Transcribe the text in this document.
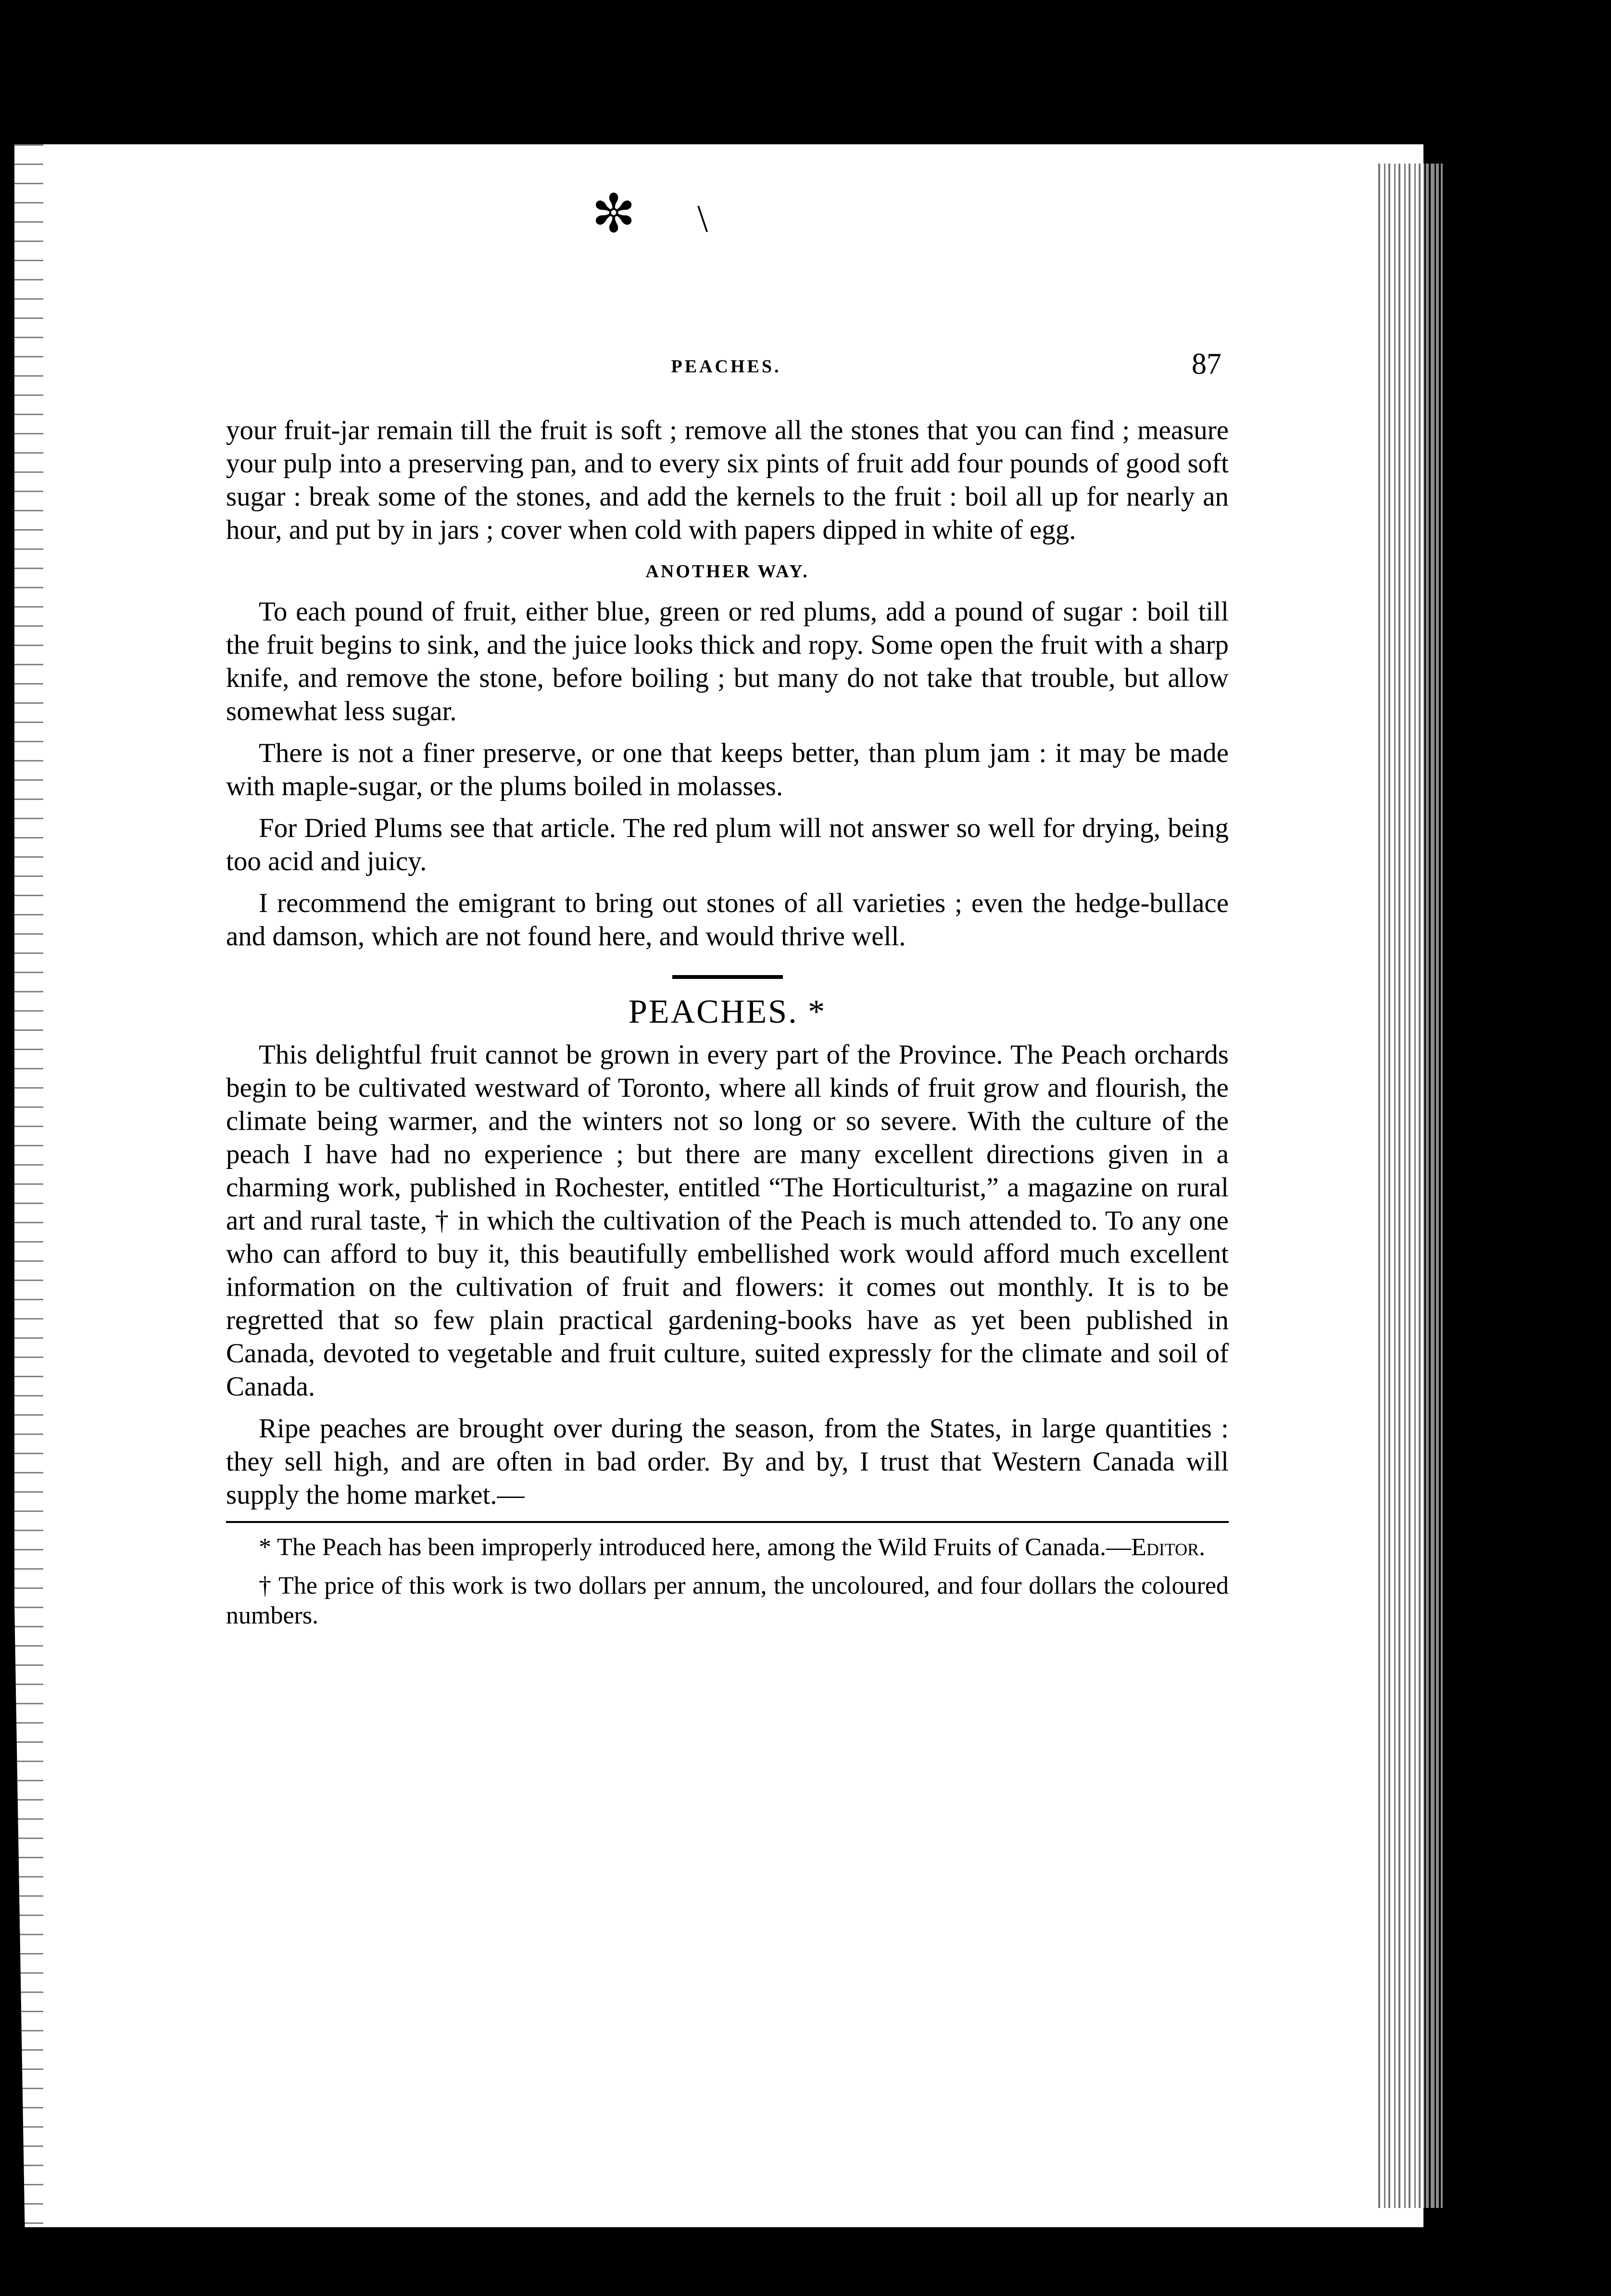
✼ \
PEACHES.	87

your fruit-jar remain till the fruit is soft ; remove all the stones that you can find ; measure your pulp into a preserving pan, and to every six pints of fruit add four pounds of good soft sugar : break some of the stones, and add the kernels to the fruit : boil all up for nearly an hour, and put by in jars ; cover when cold with papers dipped in white of egg.

ANOTHER WAY.

To each pound of fruit, either blue, green or red plums, add a pound of sugar : boil till the fruit begins to sink, and the juice looks thick and ropy. Some open the fruit with a sharp knife, and remove the stone, before boiling ; but many do not take that trouble, but allow somewhat less sugar.

There is not a finer preserve, or one that keeps better, than plum jam : it may be made with maple-sugar, or the plums boiled in molasses.

For Dried Plums see that article. The red plum will not answer so well for drying, being too acid and juicy.

I recommend the emigrant to bring out stones of all varieties ; even the hedge-bullace and damson, which are not found here, and would thrive well.

PEACHES. *

This delightful fruit cannot be grown in every part of the Province. The Peach orchards begin to be cultivated westward of Toronto, where all kinds of fruit grow and flourish, the climate being warmer, and the winters not so long or so severe. With the culture of the peach I have had no experience ; but there are many excellent directions given in a charming work, published in Rochester, entitled “The Horticulturist,” a magazine on rural art and rural taste, † in which the cultivation of the Peach is much attended to. To any one who can afford to buy it, this beautifully embellished work would afford much excellent information on the cultivation of fruit and flowers: it comes out monthly. It is to be regretted that so few plain practical gardening-books have as yet been published in Canada, devoted to vegetable and fruit culture, suited expressly for the climate and soil of Canada.

Ripe peaches are brought over during the season, from the States, in large quantities : they sell high, and are often in bad order. By and by, I trust that Western Canada will supply the home market.—

* The Peach has been improperly introduced here, among the Wild Fruits of Canada.—Editor.

† The price of this work is two dollars per annum, the uncoloured, and four dollars the coloured numbers.
